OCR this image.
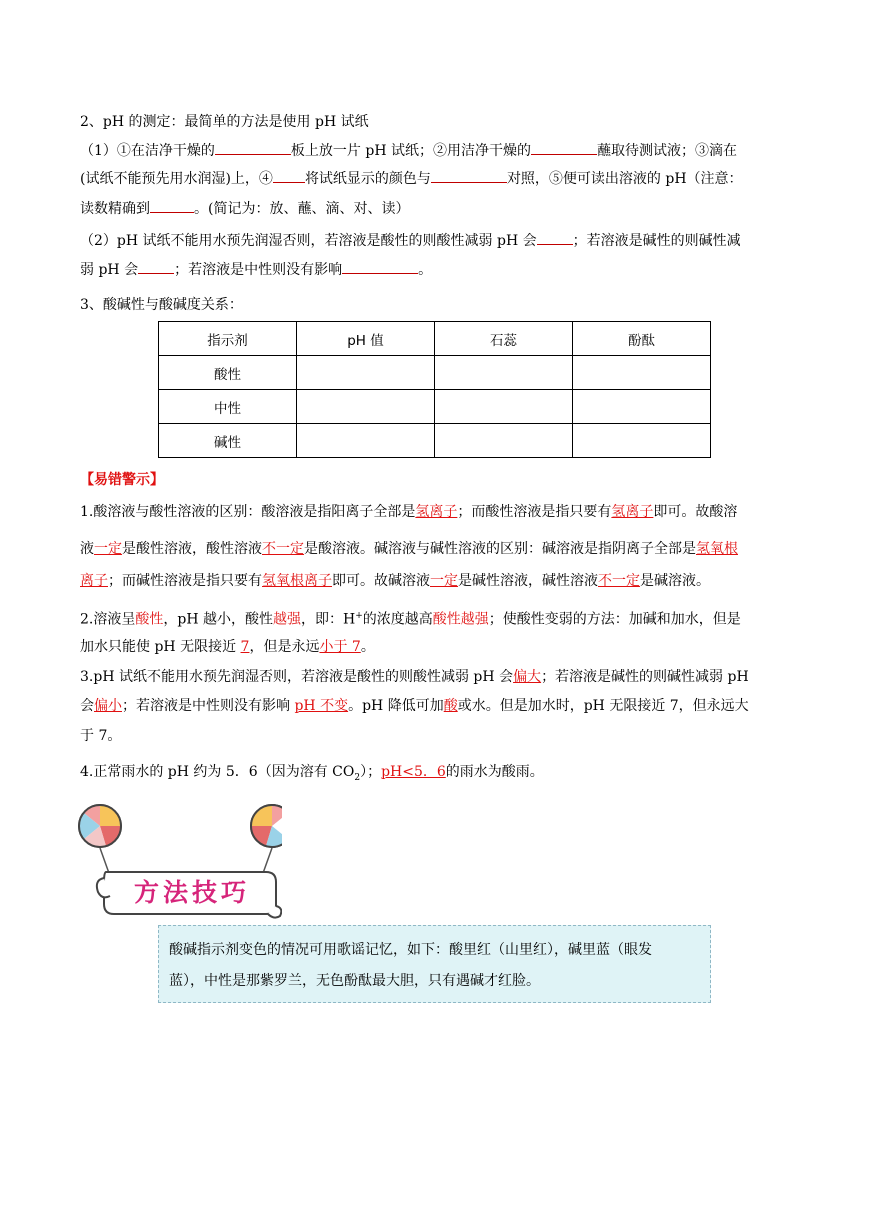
2、pH 的测定：最简单的方法是使用 pH 试纸
（1）①在洁净干燥的	板上放一片 pH 试纸；②用洁净干燥的	蘸取待测试液；③滴在
(试纸不能预先用水润湿)上，④ 将试纸显示的颜色与	对照，⑤便可读出溶液的 pH（注意：
读数精确到	。(简记为：放、蘸、滴、对、读）
（2）pH 试纸不能用水预先润湿否则，若溶液是酸性的则酸性减弱 pH 会	；若溶液是碱性的则碱性减
弱 pH 会	；若溶液是中性则没有影响	。
3、酸碱性与酸碱度关系：
指示剂	pH 值	石蕊	酚酞
酸性			
中性			
碱性			
【易错警示】
1.酸溶液与酸性溶液的区别：酸溶液是指阳离子全部是氢离子；而酸性溶液是指只要有氢离子即可。故酸溶
液一定是酸性溶液，酸性溶液不一定是酸溶液。碱溶液与碱性溶液的区别：碱溶液是指阴离子全部是氢氧根
离子；而碱性溶液是指只要有氢氧根离子即可。故碱溶液一定是碱性溶液，碱性溶液不一定是碱溶液。
2.溶液呈酸性，pH 越小，酸性越强，即：H+的浓度越高酸性越强；使酸性变弱的方法：加碱和加水，但是
加水只能使 pH 无限接近 7，但是永远小于 7。
3.pH 试纸不能用水预先润湿否则，若溶液是酸性的则酸性减弱 pH 会偏大；若溶液是碱性的则碱性减弱 pH
会偏小；若溶液是中性则没有影响 pH 不变。pH 降低可加酸或水。但是加水时，pH 无限接近 7，但永远大
于 7。
4.正常雨水的 pH 约为 5．6（因为溶有 $CO_2$）；pH<5．6的雨水为酸雨。
方法技巧
酸碱指示剂变色的情况可用歌谣记忆，如下：酸里红（山里红），碱里蓝（眼发
蓝），中性是那紫罗兰，无色酚酞最大胆，只有遇碱才红脸。
